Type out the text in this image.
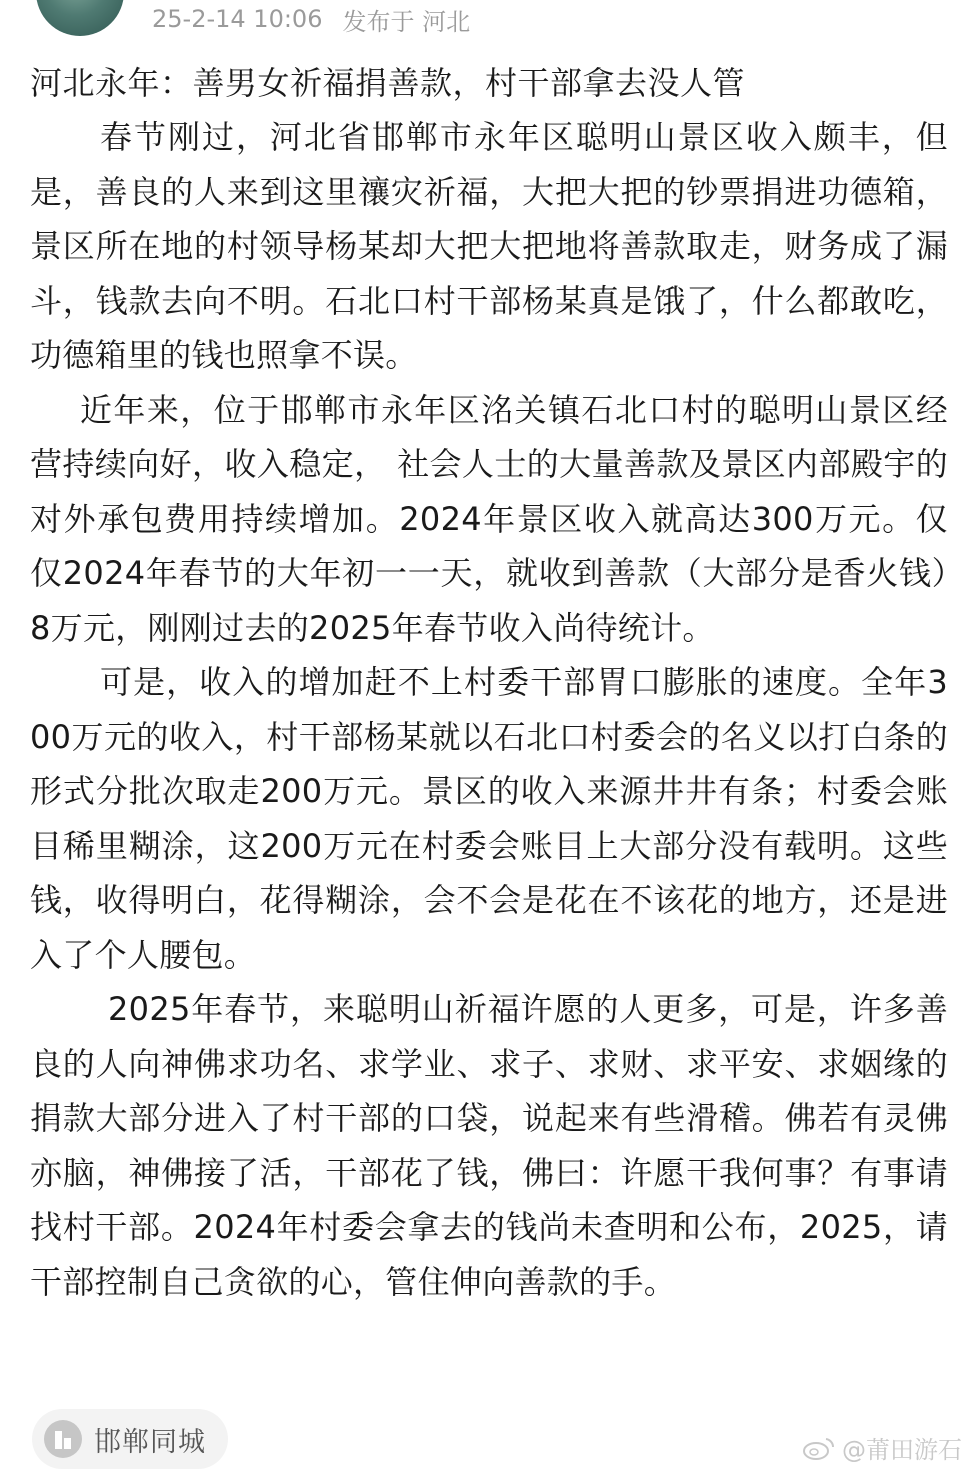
25-2-14 10:06 发布于 河北
河北永年：善男女祈福捐善款，村干部拿去没人管

春节刚过，河北省邯郸市永年区聪明山景区收入颇丰，但是，善良的人来到这里禳灾祈福，大把大把的钞票捐进功德箱，景区所在地的村领导杨某却大把大把地将善款取走，财务成了漏斗，钱款去向不明。石北口村干部杨某真是饿了，什么都敢吃，功德箱里的钱也照拿不误。

近年来，位于邯郸市永年区洺关镇石北口村的聪明山景区经营持续向好，收入稳定， 社会人士的大量善款及景区内部殿宇的对外承包费用持续增加。2024年景区收入就高达300万元。仅仅2024年春节的大年初一一天，就收到善款（大部分是香火钱）8万元，刚刚过去的2025年春节收入尚待统计。

可是，收入的增加赶不上村委干部胃口膨胀的速度。全年300万元的收入，村干部杨某就以石北口村委会的名义以打白条的形式分批次取走200万元。景区的收入来源井井有条；村委会账目稀里糊涂，这200万元在村委会账目上大部分没有载明。这些钱，收得明白，花得糊涂，会不会是花在不该花的地方，还是进入了个人腰包。

2025年春节，来聪明山祈福许愿的人更多，可是，许多善良的人向神佛求功名、求学业、求子、求财、求平安、求姻缘的捐款大部分进入了村干部的口袋，说起来有些滑稽。佛若有灵佛亦脑，神佛接了活，干部花了钱，佛曰：许愿干我何事？有事请找村干部。2024年村委会拿去的钱尚未查明和公布，2025，请干部控制自己贪欲的心，管住伸向善款的手。

邯郸同城	@莆田游石
